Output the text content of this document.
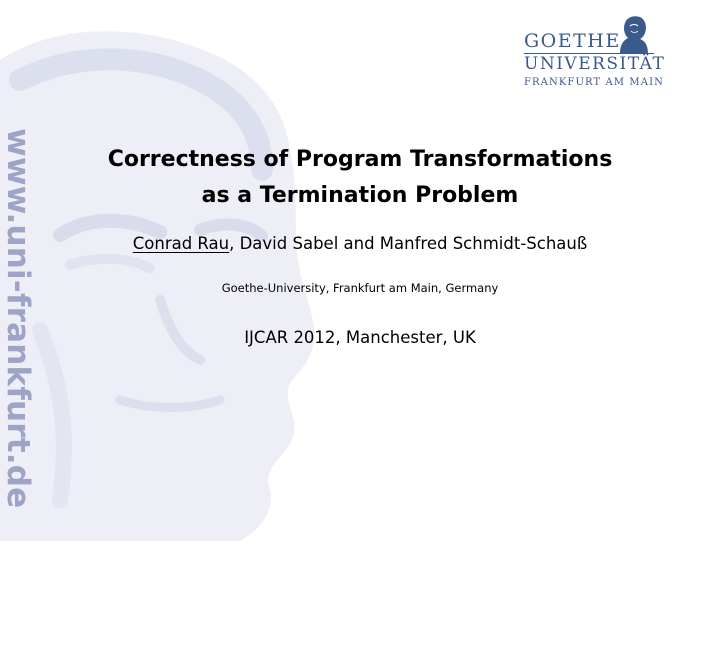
www.uni-frankfurt.de
GOETHE
UNIVERSITÄT
FRANKFURT AM MAIN
Correctness of Program Transformations
as a Termination Problem
Conrad Rau, David Sabel and Manfred Schmidt-Schauß
Goethe-University, Frankfurt am Main, Germany
IJCAR 2012, Manchester, UK
